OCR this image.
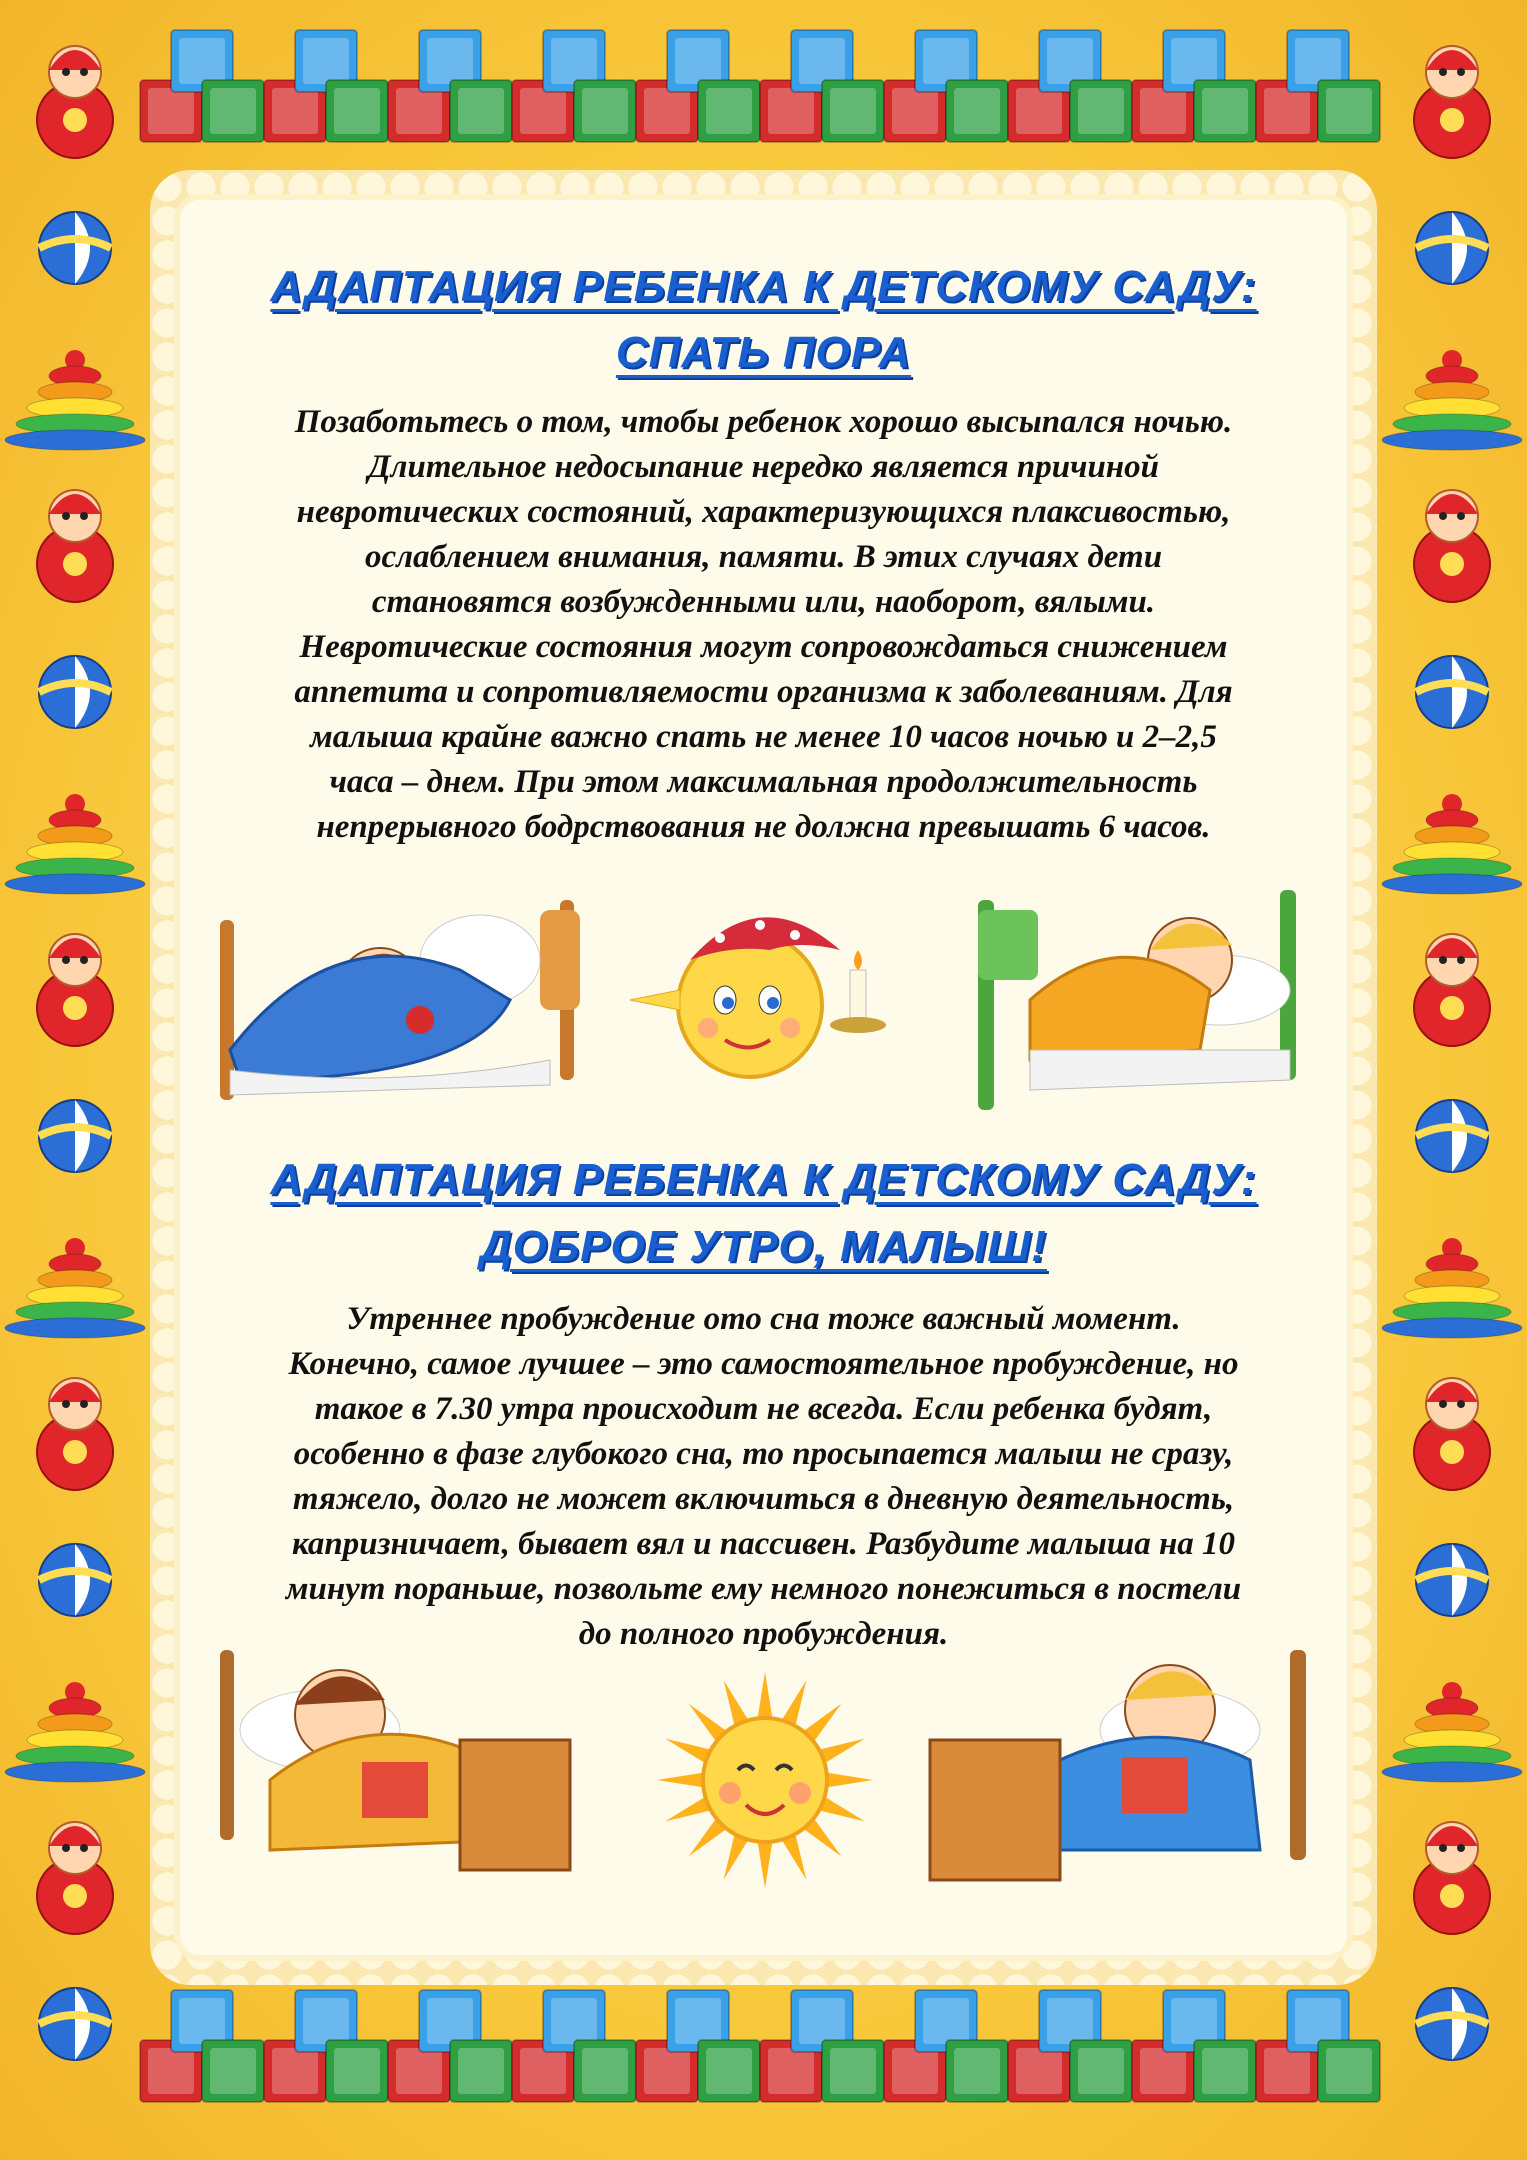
АДАПТАЦИЯ РЕБЕНКА К ДЕТСКОМУ САДУ:
СПАТЬ ПОРА
Позаботьтесь о том, чтобы ребенок хорошо высыпался ночью.
Длительное недосыпание нередко является причиной
невротических состояний, характеризующихся плаксивостью,
ослаблением внимания, памяти. В этих случаях дети
становятся возбужденными или, наоборот, вялыми.
Невротические состояния могут сопровождаться снижением
аппетита и сопротивляемости организма к заболеваниям. Для
малыша крайне важно спать не менее 10 часов ночью и 2–2,5
часа – днем. При этом максимальная продолжительность
непрерывного бодрствования не должна превышать 6 часов.
АДАПТАЦИЯ РЕБЕНКА К ДЕТСКОМУ САДУ:
ДОБРОЕ УТРО, МАЛЫШ!
Утреннее пробуждение ото сна тоже важный момент.
Конечно, самое лучшее – это самостоятельное пробуждение, но
такое в 7.30 утра происходит не всегда. Если ребенка будят,
особенно в фазе глубокого сна, то просыпается малыш не сразу,
тяжело, долго не может включиться в дневную деятельность,
капризничает, бывает вял и пассивен. Разбудите малыша на 10
минут пораньше, позвольте ему немного понежиться в постели
до полного пробуждения.
